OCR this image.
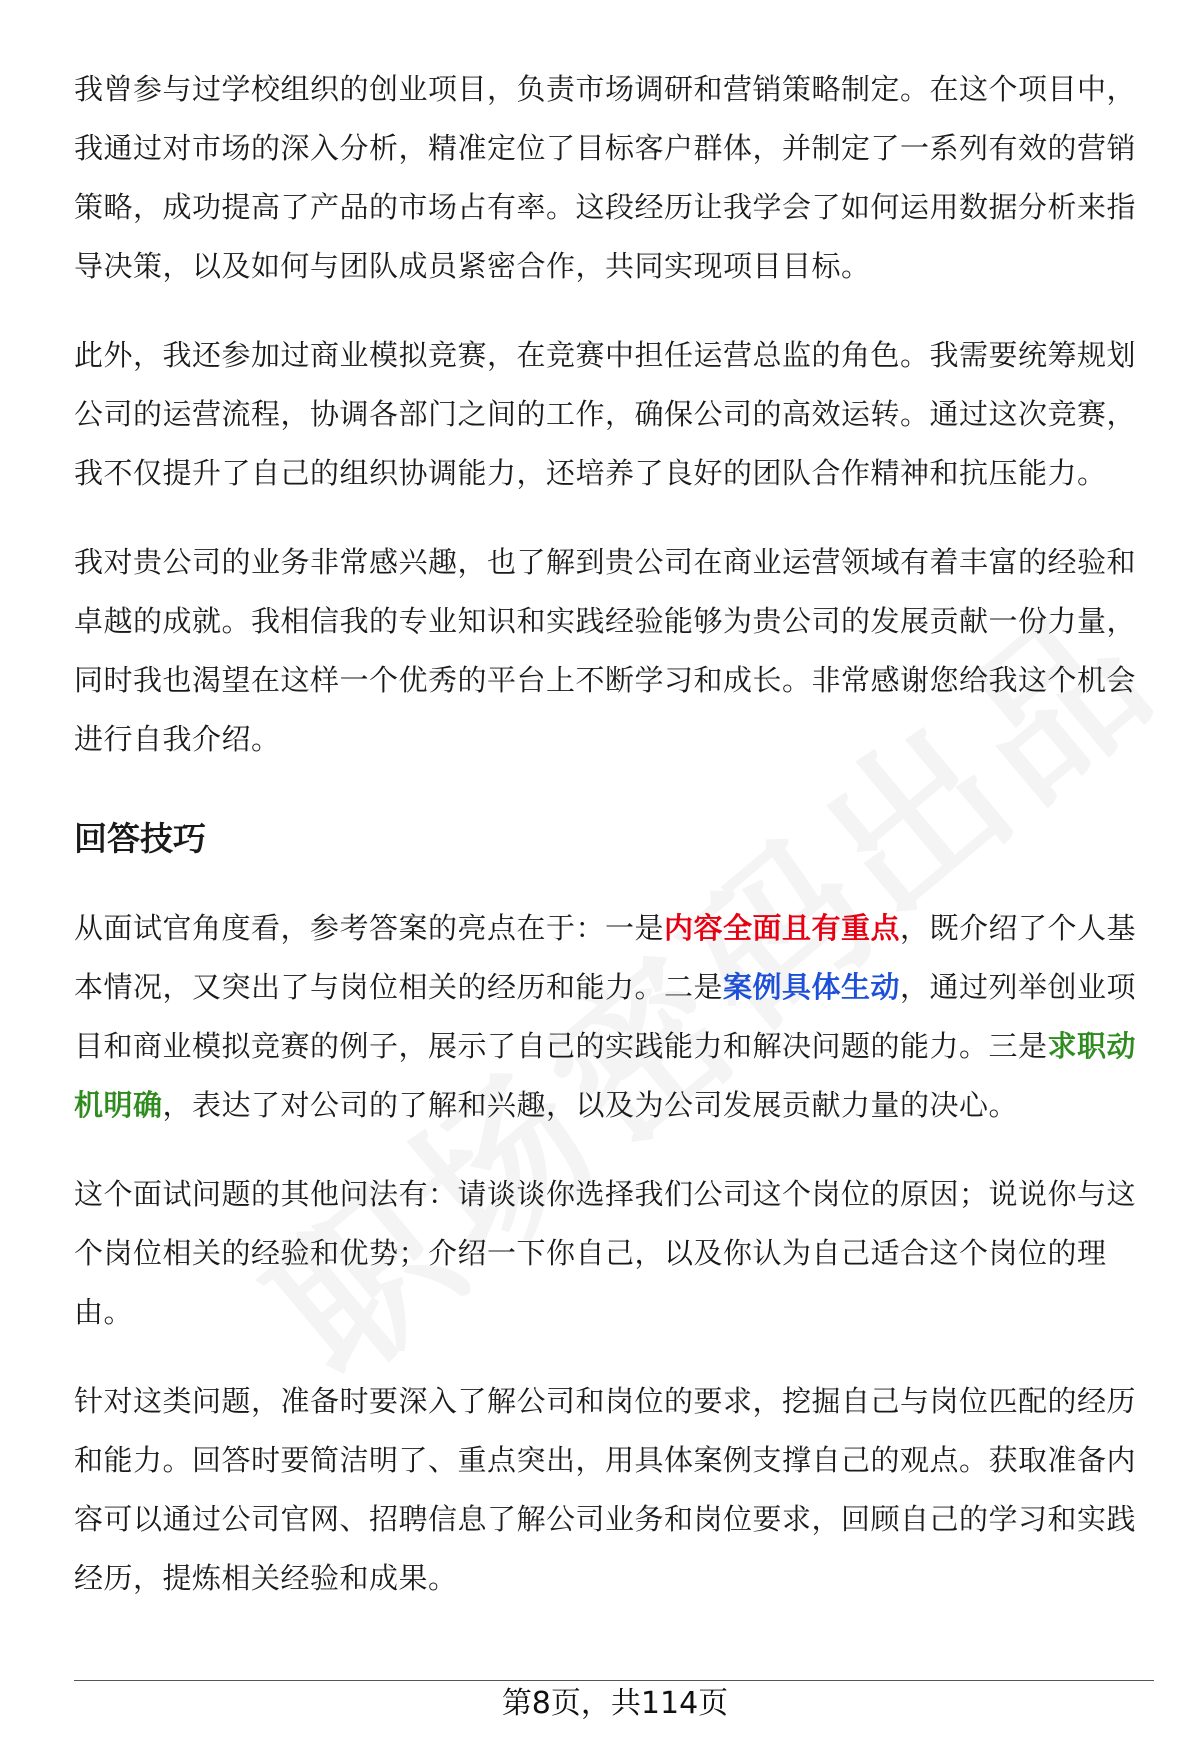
我曾参与过学校组织的创业项目，负责市场调研和营销策略制定。在这个项目中，我通过对市场的深入分析，精准定位了目标客户群体，并制定了一系列有效的营销策略，成功提高了产品的市场占有率。这段经历让我学会了如何运用数据分析来指导决策，以及如何与团队成员紧密合作，共同实现项目目标。

此外，我还参加过商业模拟竞赛，在竞赛中担任运营总监的角色。我需要统筹规划公司的运营流程，协调各部门之间的工作，确保公司的高效运转。通过这次竞赛，我不仅提升了自己的组织协调能力，还培养了良好的团队合作精神和抗压能力。

我对贵公司的业务非常感兴趣，也了解到贵公司在商业运营领域有着丰富的经验和卓越的成就。我相信我的专业知识和实践经验能够为贵公司的发展贡献一份力量，同时我也渴望在这样一个优秀的平台上不断学习和成长。非常感谢您给我这个机会进行自我介绍。

回答技巧

从面试官角度看，参考答案的亮点在于：一是内容全面且有重点，既介绍了个人基本情况，又突出了与岗位相关的经历和能力。二是案例具体生动，通过列举创业项目和商业模拟竞赛的例子，展示了自己的实践能力和解决问题的能力。三是求职动机明确，表达了对公司的了解和兴趣，以及为公司发展贡献力量的决心。

这个面试问题的其他问法有：请谈谈你选择我们公司这个岗位的原因；说说你与这个岗位相关的经验和优势；介绍一下你自己，以及你认为自己适合这个岗位的理由。

针对这类问题，准备时要深入了解公司和岗位的要求，挖掘自己与岗位匹配的经历和能力。回答时要简洁明了、重点突出，用具体案例支撑自己的观点。获取准备内容可以通过公司官网、招聘信息了解公司业务和岗位要求，回顾自己的学习和实践经历，提炼相关经验和成果。

第8页，共114页
